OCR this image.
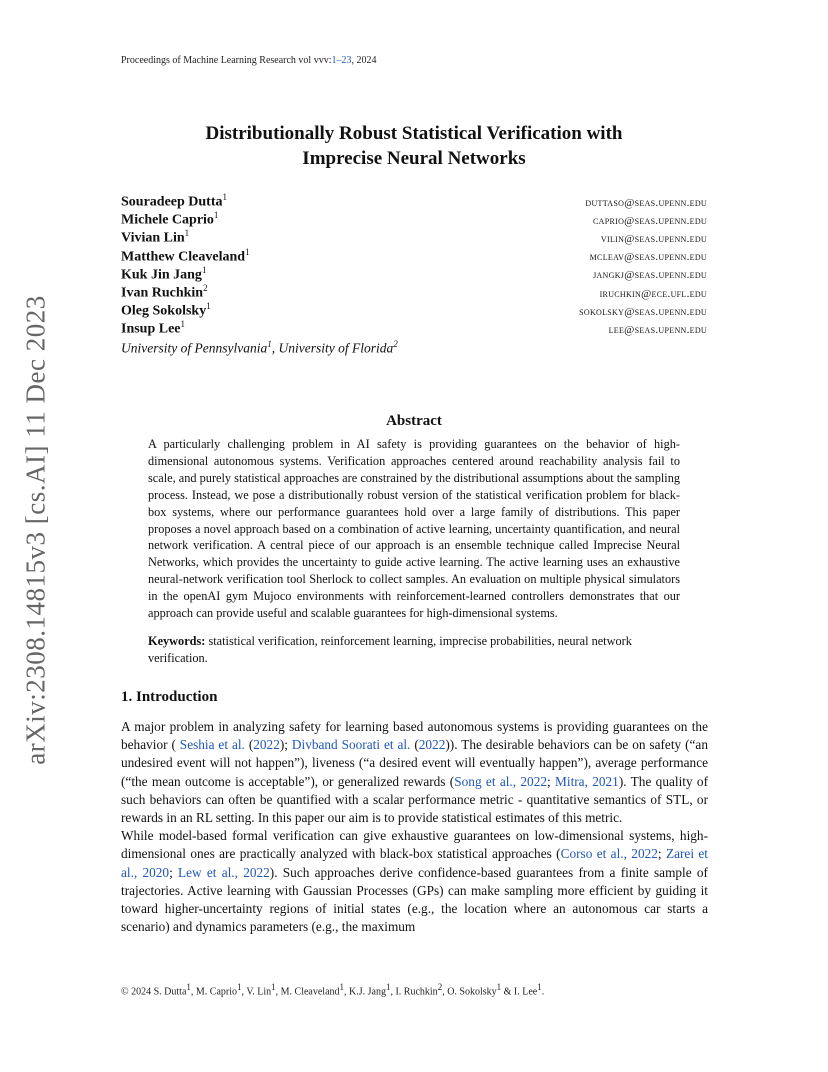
Proceedings of Machine Learning Research vol vvv:1–23, 2024
arXiv:2308.14815v3 [cs.AI] 11 Dec 2023
Distributionally Robust Statistical Verification with
Imprecise Neural Networks
Souradeep Dutta$^1$	duttaso@seas.upenn.edu
Michele Caprio$^1$	caprio@seas.upenn.edu
Vivian Lin$^1$	vilin@seas.upenn.edu
Matthew Cleaveland$^1$	mcleav@seas.upenn.edu
Kuk Jin Jang$^1$	jangkj@seas.upenn.edu
Ivan Ruchkin$^2$	iruchkin@ece.ufl.edu
Oleg Sokolsky$^1$	sokolsky@seas.upenn.edu
Insup Lee$^1$	lee@seas.upenn.edu
University of Pennsylvania$^1$, University of Florida$^2$
Abstract
A particularly challenging problem in AI safety is providing guarantees on the behavior of high-dimensional autonomous systems. Verification approaches centered around reachability analysis fail to scale, and purely statistical approaches are constrained by the distributional assumptions about the sampling process. Instead, we pose a distributionally robust version of the statistical verification problem for black-box systems, where our performance guarantees hold over a large family of distributions. This paper proposes a novel approach based on a combination of active learning, uncertainty quantification, and neural network verification. A central piece of our approach is an ensemble technique called Imprecise Neural Networks, which provides the uncertainty to guide active learning. The active learning uses an exhaustive neural-network verification tool Sherlock to collect samples. An evaluation on multiple physical simulators in the openAI gym Mujoco environments with reinforcement-learned controllers demonstrates that our approach can provide useful and scalable guarantees for high-dimensional systems.
Keywords: statistical verification, reinforcement learning, imprecise probabilities, neural network verification.
1. Introduction

A major problem in analyzing safety for learning based autonomous systems is providing guarantees on the behavior ( Seshia et al. (2022); Divband Soorati et al. (2022)). The desirable behaviors can be on safety (“an undesired event will not happen”), liveness (“a desired event will eventually happen”), average performance (“the mean outcome is acceptable”), or generalized rewards (Song et al., 2022; Mitra, 2021). The quality of such behaviors can often be quantified with a scalar performance metric - quantitative semantics of STL, or rewards in an RL setting. In this paper our aim is to provide statistical estimates of this metric.

While model-based formal verification can give exhaustive guarantees on low-dimensional systems, high-dimensional ones are practically analyzed with black-box statistical approaches (Corso et al., 2022; Zarei et al., 2020; Lew et al., 2022). Such approaches derive confidence-based guarantees from a finite sample of trajectories. Active learning with Gaussian Processes (GPs) can make sampling more efficient by guiding it toward higher-uncertainty regions of initial states (e.g., the location where an autonomous car starts a scenario) and dynamics parameters (e.g., the maximum

© 2024 S. Dutta$^1$, M. Caprio$^1$, V. Lin$^1$, M. Cleaveland$^1$, K.J. Jang$^1$, I. Ruchkin$^2$, O. Sokolsky$^1$ & I. Lee$^1$.
